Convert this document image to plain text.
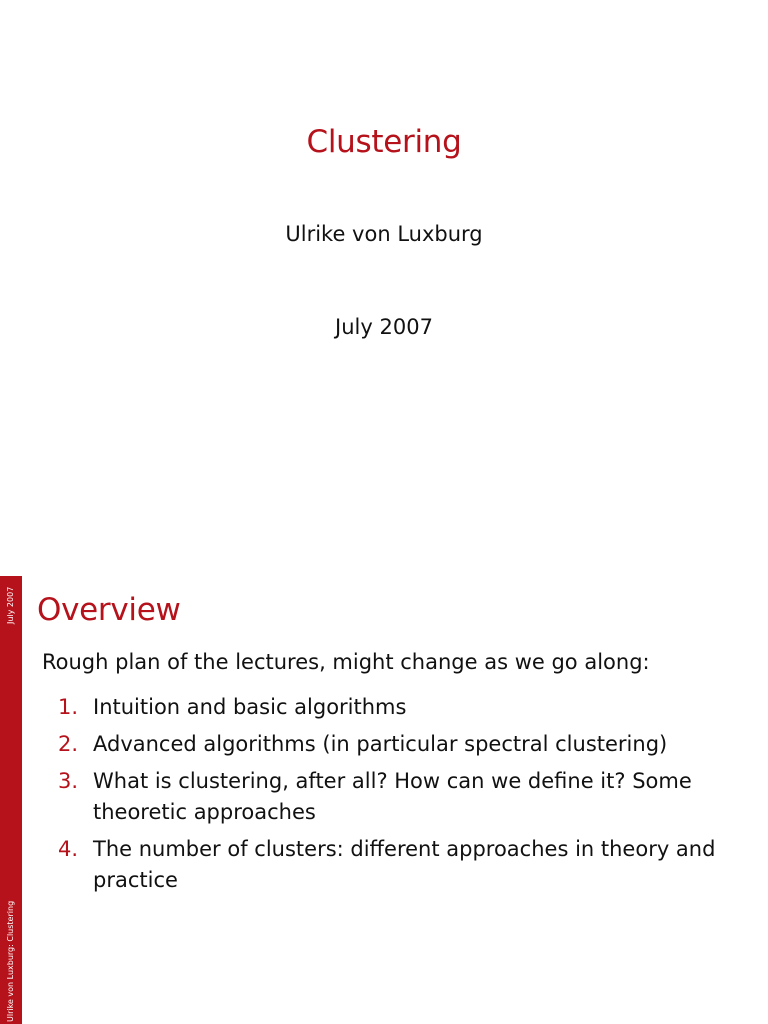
Clustering
Ulrike von Luxburg
July 2007
July 2007
Ulrike von Luxburg: Clustering
Overview
Rough plan of the lectures, might change as we go along:
1. Intuition and basic algorithms
2. Advanced algorithms (in particular spectral clustering)
3. What is clustering, after all? How can we define it? Some theoretic approaches
4. The number of clusters: different approaches in theory and practice
